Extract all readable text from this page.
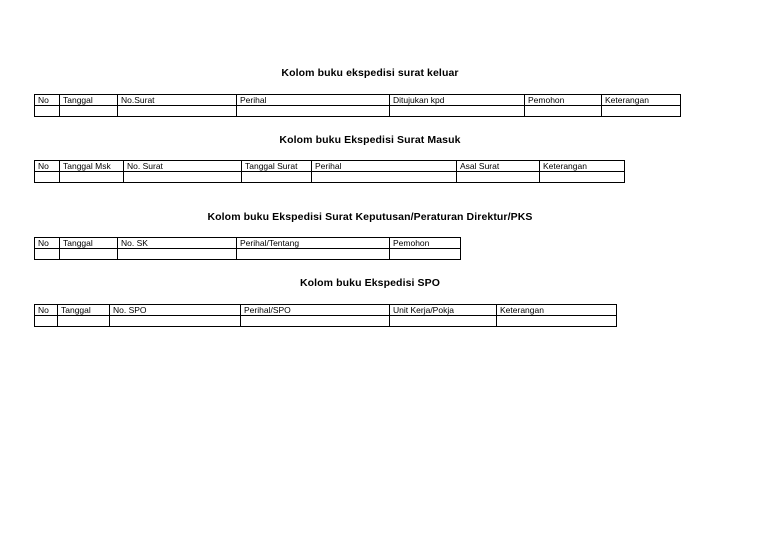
Kolom buku ekspedisi surat keluar
No	Tanggal	No.Surat	Perihal	Ditujukan kpd	Pemohon	Keterangan

Kolom buku Ekspedisi Surat Masuk
No	Tanggal Msk	No. Surat	Tanggal Surat	Perihal	Asal Surat	Keterangan

Kolom buku Ekspedisi Surat Keputusan/Peraturan Direktur/PKS
No	Tanggal	No. SK	Perihal/Tentang	Pemohon

Kolom buku Ekspedisi SPO
No	Tanggal	No. SPO	Perihal/SPO	Unit Kerja/Pokja	Keterangan
